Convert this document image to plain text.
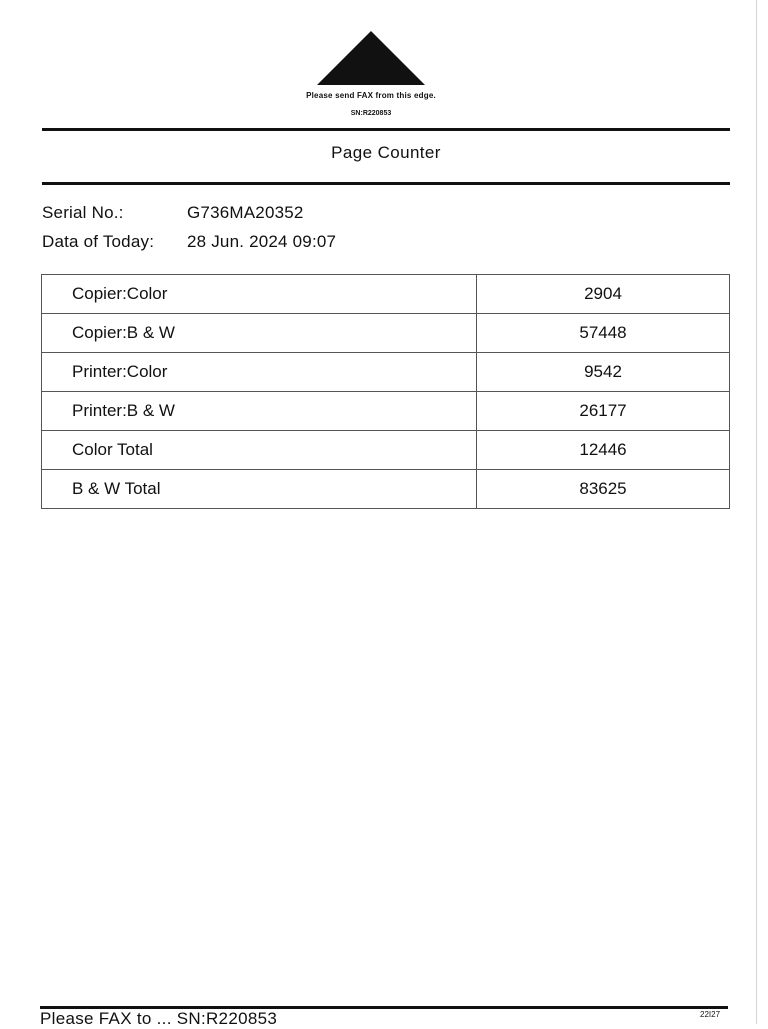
Please send FAX from this edge.
SN:R220853
Page Counter
Serial No.:	G736MA20352
Data of Today: 28 Jun. 2024 09:07
Copier:Color	2904
Copier:B & W	57448
Printer:Color	9542
Printer:B & W	26177
Color Total	12446
B & W Total	83625
Please FAX to ... SN:R220853	22I27
